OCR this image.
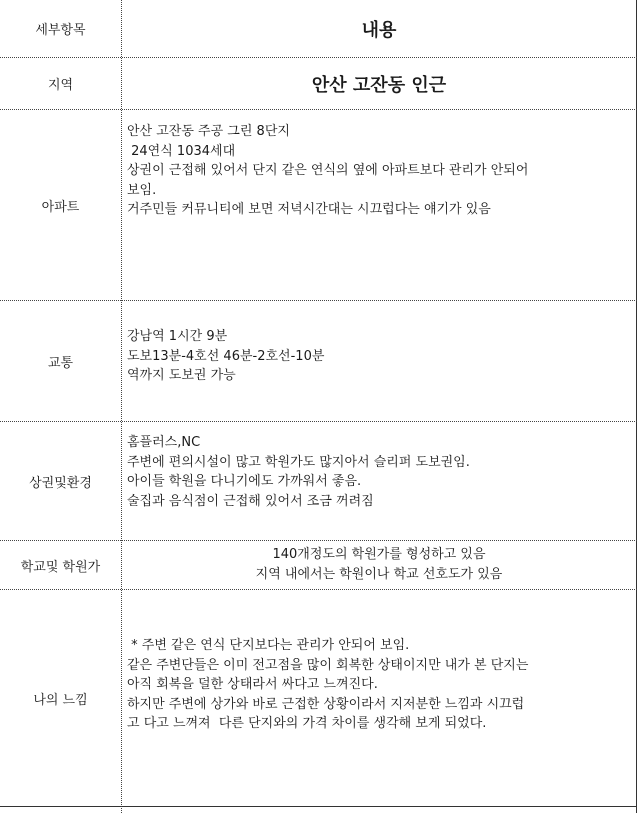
세부항목	내용
지역	안산 고잔동 인근
아파트
안산 고잔동 주공 그린 8단지
24연식 1034세대
상권이 근접해 있어서 단지 같은 연식의 옆에 아파트보다 관리가 안되어
보임.
거주민들 커뮤니티에 보면 저녁시간대는 시끄럽다는 얘기가 있음
교통
강남역 1시간 9분
도보13분-4호선 46분-2호선-10분
역까지 도보권 가능
상권및환경
홈플러스,NC
주변에 편의시설이 많고 학원가도 많지아서 슬리퍼 도보권임.
아이들 학원을 다니기에도 가까워서 좋음.
술집과 음식점이 근접해 있어서 조금 꺼려짐
학교및 학원가
140개정도의 학원가를 형성하고 있음
지역 내에서는 학원이나 학교 선호도가 있음
나의 느낌
* 주변 같은 연식 단지보다는 관리가 안되어 보임.
같은 주변단들은 이미 전고점을 많이 회복한 상태이지만 내가 본 단지는
아직 회복을 덜한 상태라서 싸다고 느껴진다.
하지만 주변에 상가와 바로 근접한 상황이라서 지저분한 느낌과 시끄럽
고 다고 느껴져  다른 단지와의 가격 차이를 생각해 보게 되었다.
